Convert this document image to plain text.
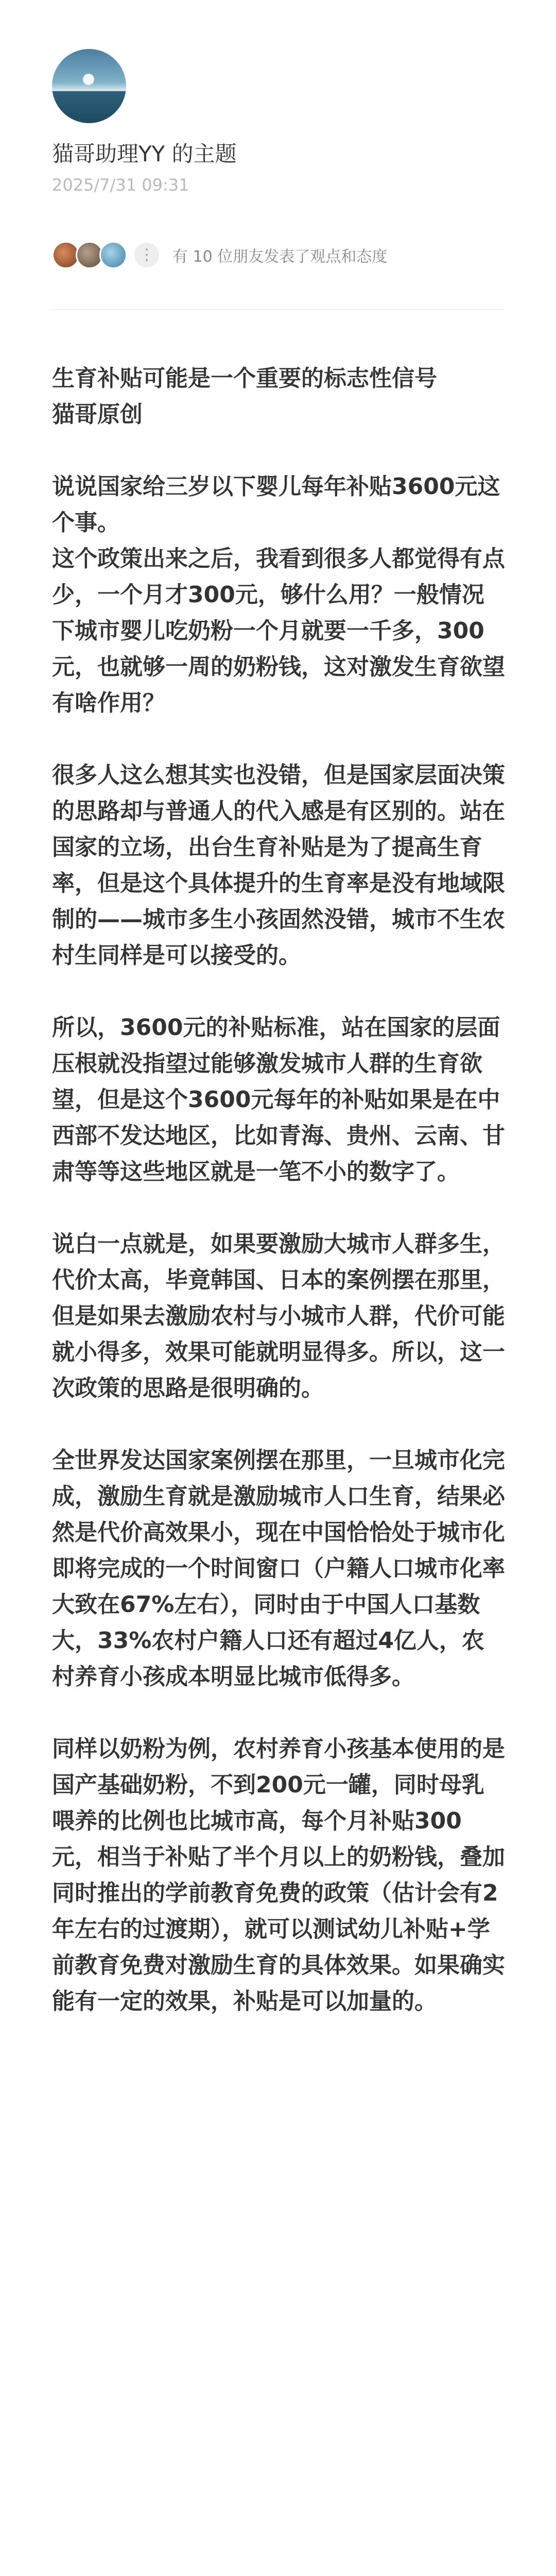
猫哥助理YY 的主题
2025/7/31 09:31
⋮	有 10 位朋友发表了观点和态度

生育补贴可能是一个重要的标志性信号
猫哥原创

说说国家给三岁以下婴儿每年补贴3600元这个事。
这个政策出来之后，我看到很多人都觉得有点少，一个月才300元，够什么用？一般情况下城市婴儿吃奶粉一个月就要一千多，300元，也就够一周的奶粉钱，这对激发生育欲望有啥作用？

很多人这么想其实也没错，但是国家层面决策的思路却与普通人的代入感是有区别的。站在国家的立场，出台生育补贴是为了提高生育率，但是这个具体提升的生育率是没有地域限制的——城市多生小孩固然没错，城市不生农村生同样是可以接受的。

所以，3600元的补贴标准，站在国家的层面压根就没指望过能够激发城市人群的生育欲望，但是这个3600元每年的补贴如果是在中西部不发达地区，比如青海、贵州、云南、甘肃等等这些地区就是一笔不小的数字了。

说白一点就是，如果要激励大城市人群多生，代价太高，毕竟韩国、日本的案例摆在那里，但是如果去激励农村与小城市人群，代价可能就小得多，效果可能就明显得多。所以，这一次政策的思路是很明确的。

全世界发达国家案例摆在那里，一旦城市化完成，激励生育就是激励城市人口生育，结果必然是代价高效果小，现在中国恰恰处于城市化即将完成的一个时间窗口（户籍人口城市化率大致在67%左右），同时由于中国人口基数大，33%农村户籍人口还有超过4亿人，农村养育小孩成本明显比城市低得多。

同样以奶粉为例，农村养育小孩基本使用的是国产基础奶粉，不到200元一罐，同时母乳喂养的比例也比城市高，每个月补贴300元，相当于补贴了半个月以上的奶粉钱，叠加同时推出的学前教育免费的政策（估计会有2年左右的过渡期），就可以测试幼儿补贴+学前教育免费对激励生育的具体效果。如果确实能有一定的效果，补贴是可以加量的。
